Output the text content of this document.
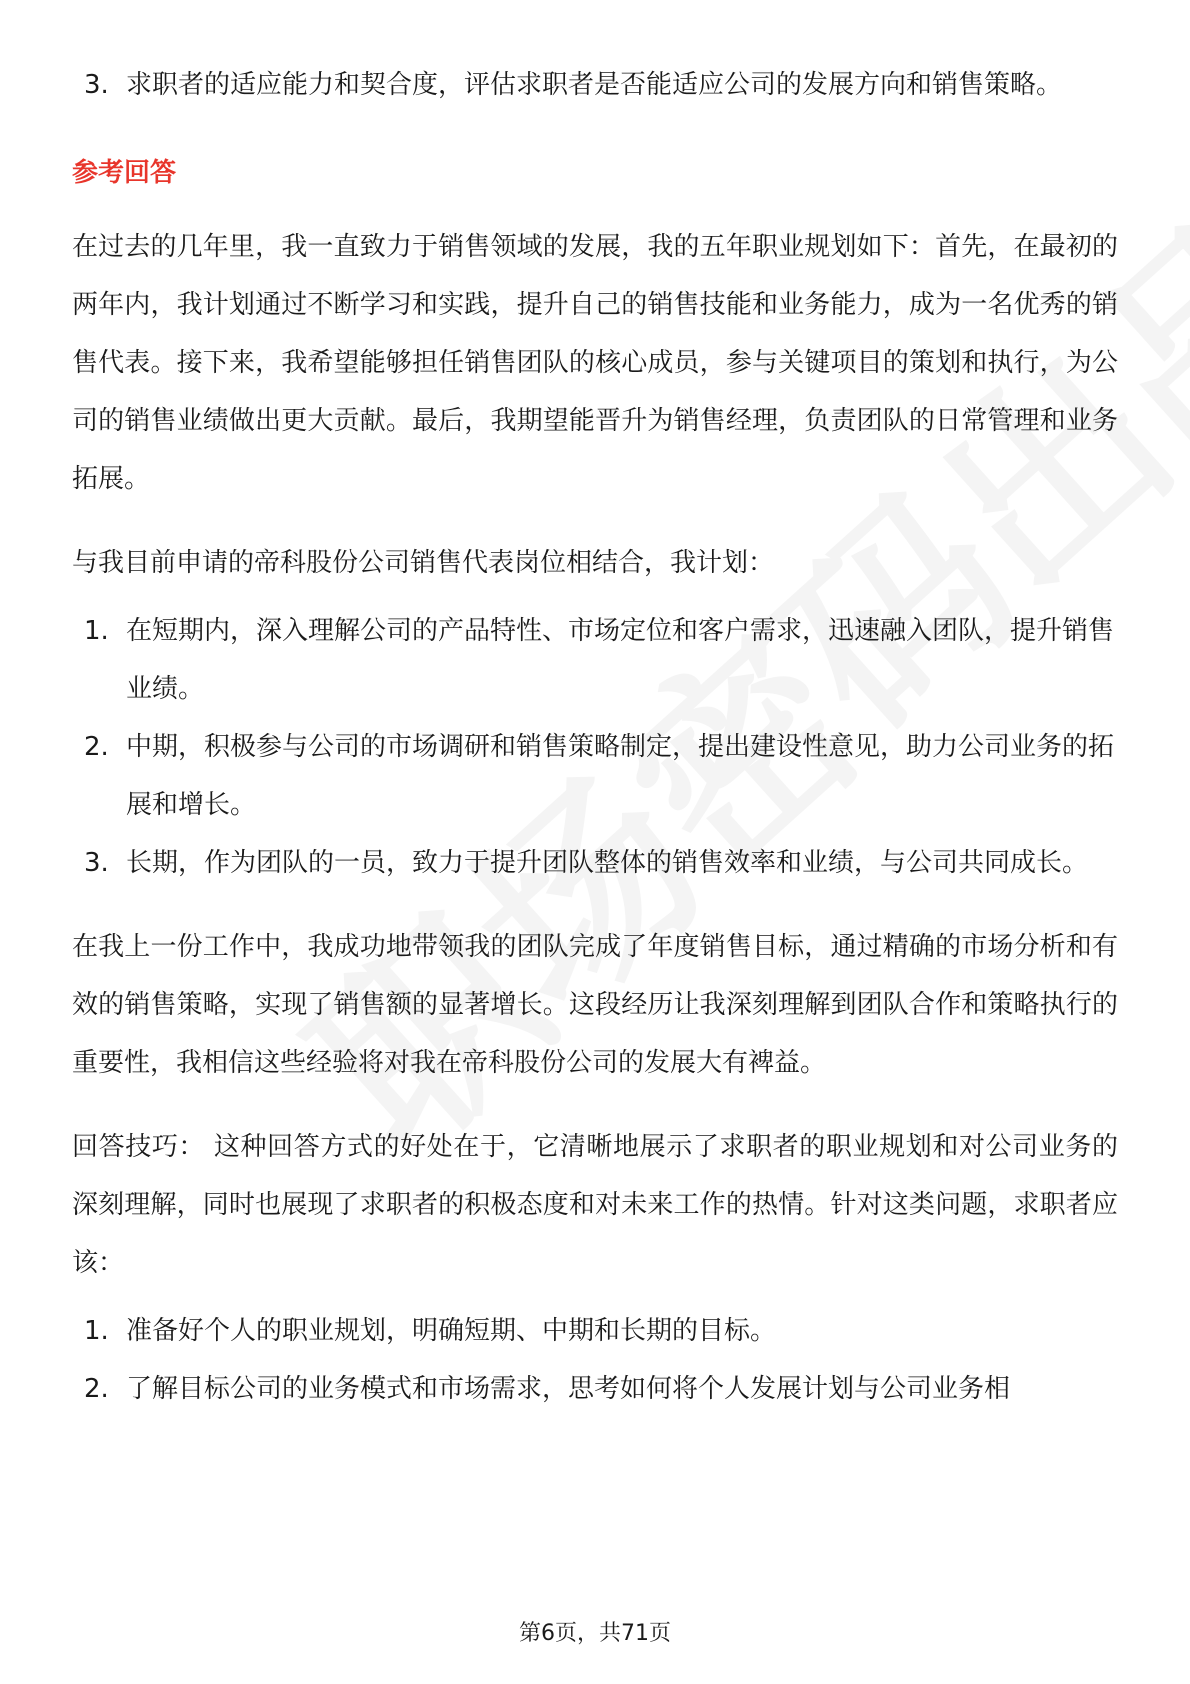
3. 求职者的适应能力和契合度，评估求职者是否能适应公司的发展方向和销售策略。
参考回答

在过去的几年里，我一直致力于销售领域的发展，我的五年职业规划如下：首先，在最初的两年内，我计划通过不断学习和实践，提升自己的销售技能和业务能力，成为一名优秀的销售代表。接下来，我希望能够担任销售团队的核心成员，参与关键项目的策划和执行，为公司的销售业绩做出更大贡献。最后，我期望能晋升为销售经理，负责团队的日常管理和业务拓展。

与我目前申请的帝科股份公司销售代表岗位相结合，我计划：

1. 在短期内，深入理解公司的产品特性、市场定位和客户需求，迅速融入团队，提升销售业绩。
2. 中期，积极参与公司的市场调研和销售策略制定，提出建设性意见，助力公司业务的拓展和增长。
3. 长期，作为团队的一员，致力于提升团队整体的销售效率和业绩，与公司共同成长。

在我上一份工作中，我成功地带领我的团队完成了年度销售目标，通过精确的市场分析和有效的销售策略，实现了销售额的显著增长。这段经历让我深刻理解到团队合作和策略执行的重要性，我相信这些经验将对我在帝科股份公司的发展大有裨益。

回答技巧： 这种回答方式的好处在于，它清晰地展示了求职者的职业规划和对公司业务的深刻理解，同时也展现了求职者的积极态度和对未来工作的热情。针对这类问题，求职者应该：

1. 准备好个人的职业规划，明确短期、中期和长期的目标。
2. 了解目标公司的业务模式和市场需求，思考如何将个人发展计划与公司业务相
第6页，共71页
